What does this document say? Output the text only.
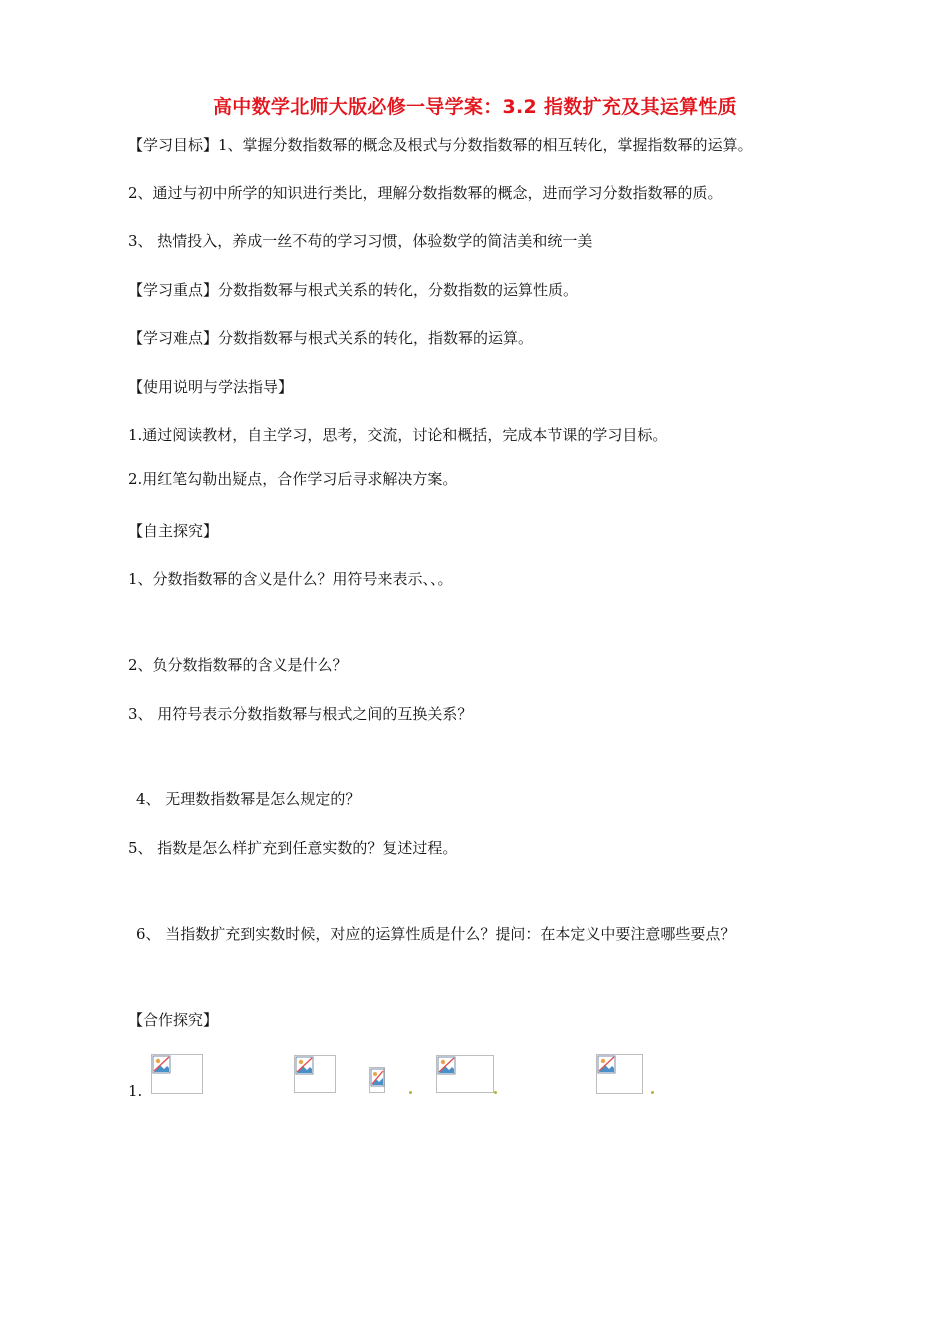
高中数学北师大版必修一导学案：3.2 指数扩充及其运算性质
【学习目标】1、掌握分数指数幂的概念及根式与分数指数幂的相互转化，掌握指数幂的运算。
2、通过与初中所学的知识进行类比，理解分数指数幂的概念，进而学习分数指数幂的质。
3、 热情投入，养成一丝不苟的学习习惯，体验数学的简洁美和统一美
【学习重点】分数指数幂与根式关系的转化，分数指数的运算性质。
【学习难点】分数指数幂与根式关系的转化，指数幂的运算。
【使用说明与学法指导】
1.通过阅读教材，自主学习，思考，交流，讨论和概括，完成本节课的学习目标。
2.用红笔勾勒出疑点，合作学习后寻求解决方案。
【自主探究】
1、分数指数幂的含义是什么？用符号来表示、、。
2、负分数指数幂的含义是什么？
3、 用符号表示分数指数幂与根式之间的互换关系？
4、 无理数指数幂是怎么规定的？
5、 指数是怎么样扩充到任意实数的？复述过程。
6、 当指数扩充到实数时候，对应的运算性质是什么？提问：在本定义中要注意哪些要点？
【合作探究】
1.
